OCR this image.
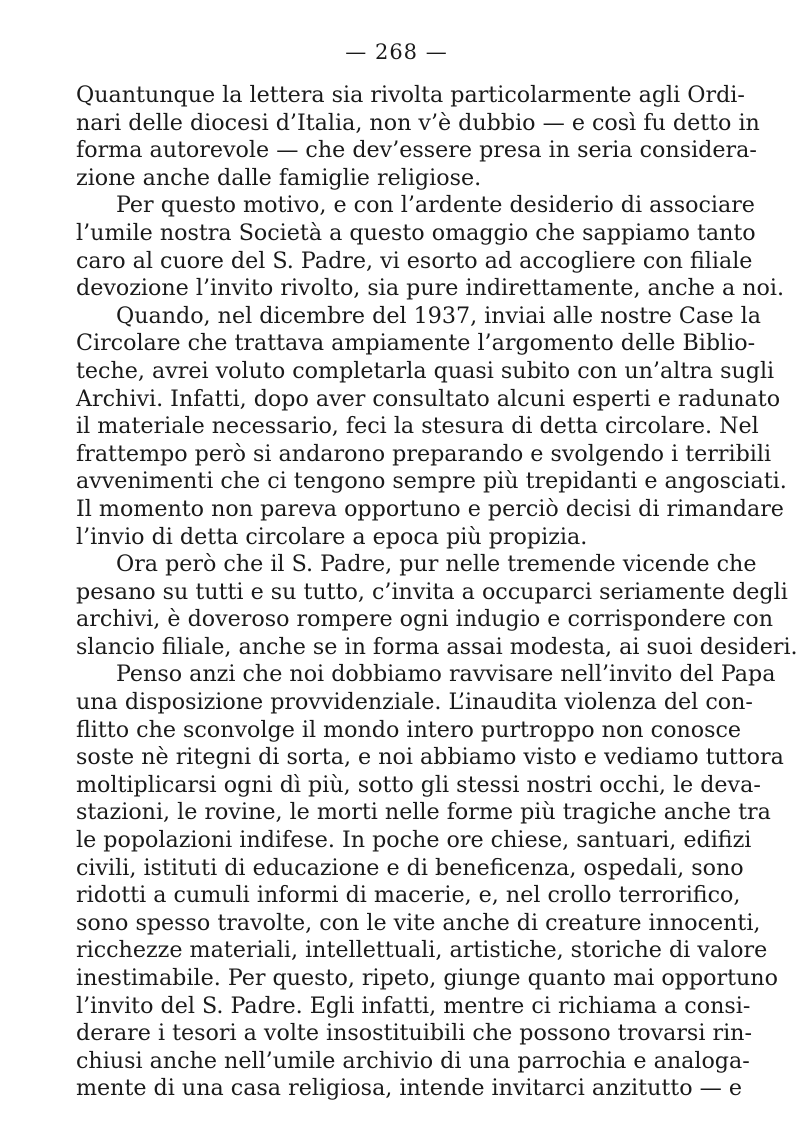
— 268 —
Quantunque la lettera sia rivolta particolarmente agli Ordi-
nari delle diocesi d’Italia, non v’è dubbio — e così fu detto in
forma autorevole — che dev’essere presa in seria considera-
zione anche dalle famiglie religiose.
Per questo motivo, e con l’ardente desiderio di associare
l’umile nostra Società a questo omaggio che sappiamo tanto
caro al cuore del S. Padre, vi esorto ad accogliere con filiale
devozione l’invito rivolto, sia pure indirettamente, anche a noi.
Quando, nel dicembre del 1937, inviai alle nostre Case la
Circolare che trattava ampiamente l’argomento delle Biblio-
teche, avrei voluto completarla quasi subito con un’altra sugli
Archivi. Infatti, dopo aver consultato alcuni esperti e radunato
il materiale necessario, feci la stesura di detta circolare. Nel
frattempo però si andarono preparando e svolgendo i terribili
avvenimenti che ci tengono sempre più trepidanti e angosciati.
Il momento non pareva opportuno e perciò decisi di rimandare
l’invio di detta circolare a epoca più propizia.
Ora però che il S. Padre, pur nelle tremende vicende che
pesano su tutti e su tutto, c’invita a occuparci seriamente degli
archivi, è doveroso rompere ogni indugio e corrispondere con
slancio filiale, anche se in forma assai modesta, ai suoi desideri.
Penso anzi che noi dobbiamo ravvisare nell’invito del Papa
una disposizione provvidenziale. L’inaudita violenza del con-
flitto che sconvolge il mondo intero purtroppo non conosce
soste nè ritegni di sorta, e noi abbiamo visto e vediamo tuttora
moltiplicarsi ogni dì più, sotto gli stessi nostri occhi, le deva-
stazioni, le rovine, le morti nelle forme più tragiche anche tra
le popolazioni indifese. In poche ore chiese, santuari, edifizi
civili, istituti di educazione e di beneficenza, ospedali, sono
ridotti a cumuli informi di macerie, e, nel crollo terrorifico,
sono spesso travolte, con le vite anche di creature innocenti,
ricchezze materiali, intellettuali, artistiche, storiche di valore
inestimabile. Per questo, ripeto, giunge quanto mai opportuno
l’invito del S. Padre. Egli infatti, mentre ci richiama a consi-
derare i tesori a volte insostituibili che possono trovarsi rin-
chiusi anche nell’umile archivio di una parrochia e analoga-
mente di una casa religiosa, intende invitarci anzitutto — e
